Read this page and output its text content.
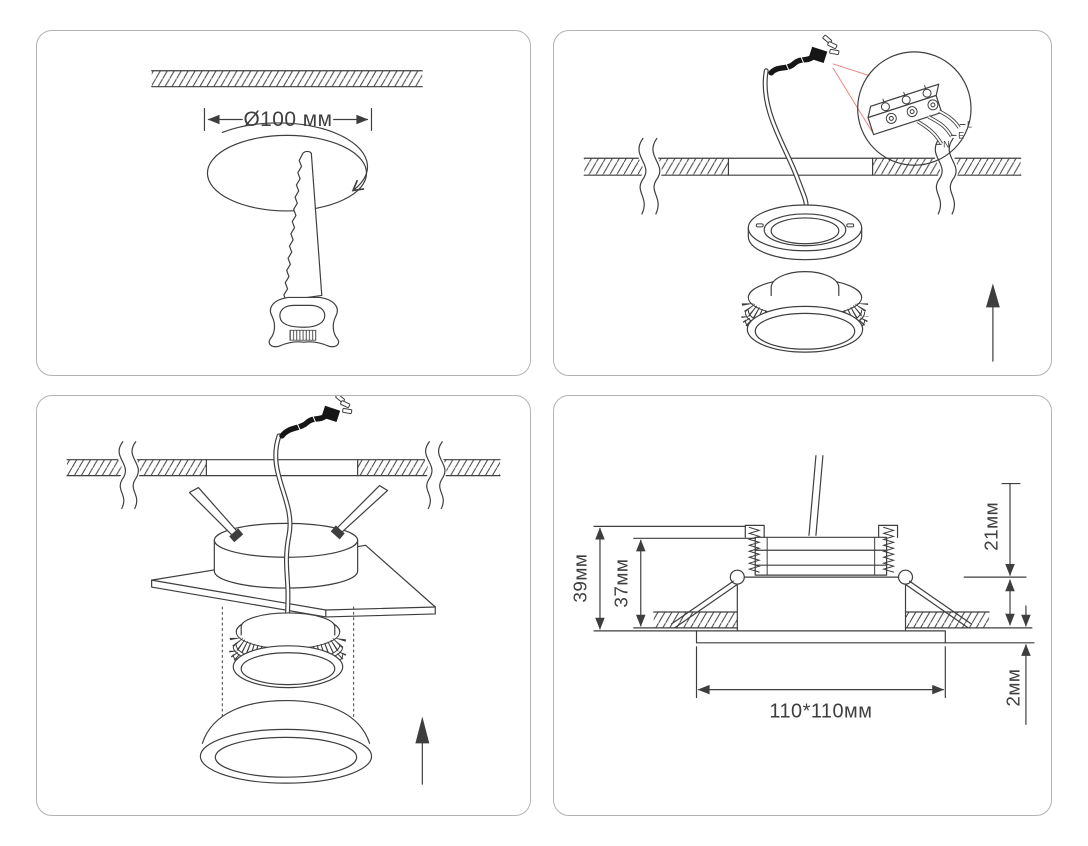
Ø100 мм	L
E
N
39мм 37мм
21мм
2мм
110*110мм
